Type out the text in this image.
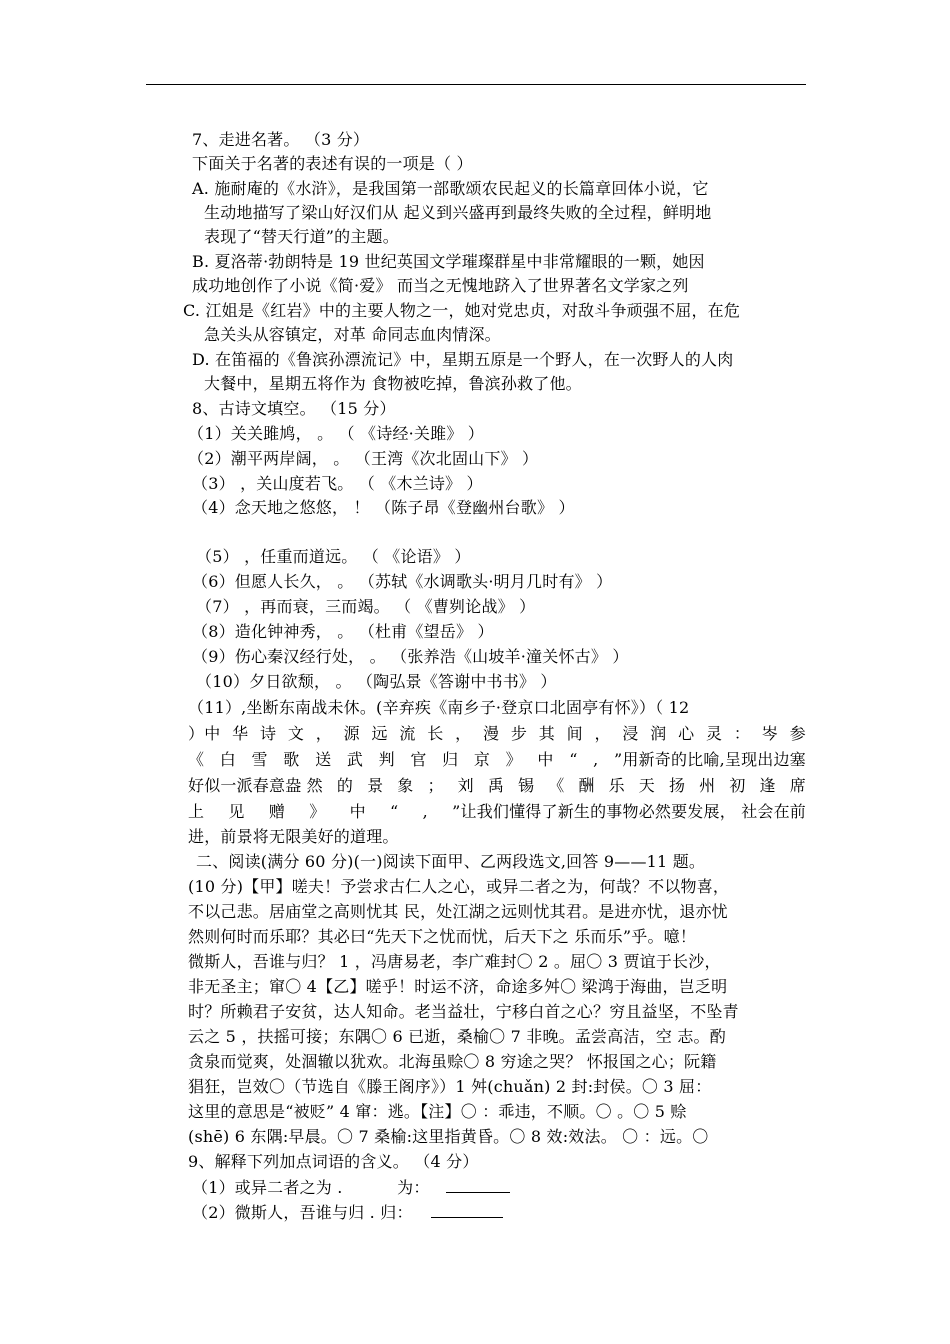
7、走进名著。 （3 分）
下面关于名著的表述有误的一项是（ ）
A. 施耐庵的《水浒》，是我国第一部歌颂农民起义的长篇章回体小说，它
生动地描写了梁山好汉们从 起义到兴盛再到最终失败的全过程，鲜明地
表现了“替天行道”的主题。
B. 夏洛蒂·勃朗特是 19 世纪英国文学璀璨群星中非常耀眼的一颗，她因
成功地创作了小说《简·爱》 而当之无愧地跻入了世界著名文学家之列
C. 江姐是《红岩》中的主要人物之一，她对党忠贞，对敌斗争顽强不屈，在危
急关头从容镇定，对革 命同志血肉情深。
D. 在笛福的《鲁滨孙漂流记》中，星期五原是一个野人，在一次野人的人肉
大餐中，星期五将作为 食物被吃掉，鲁滨孙救了他。
8、古诗文填空。 （15 分）
（1）关关雎鸠， 。 （ 《诗经·关雎》 ）
（2）潮平两岸阔， 。 （王湾《次北固山下》 ）
（3） ，关山度若飞。 （ 《木兰诗》 ）
（4）念天地之悠悠， ！ （陈子昂《登幽州台歌》 ）
（5） ，任重而道远。 （ 《论语》 ）
（6）但愿人长久， 。 （苏轼《水调歌头·明月几时有》 ）
（7） ，再而衰，三而竭。 （ 《曹刿论战》 ）
（8）造化钟神秀， 。 （杜甫《望岳》 ）
（9）伤心秦汉经行处， 。 （张养浩《山坡羊·潼关怀古》 ）
（10）夕日欲颓， 。 （陶弘景《答谢中书书》 ）
（11）,坐断东南战未休。(辛弃疾《南乡子·登京口北固亭有怀》）（ 12
）中 华 诗 文 ， 源 远 流 长 ， 漫 步 其 间 ， 浸 润 心 灵 ： 岑 参
《 白 雪 歌 送 武 判 官 归 京 》 中 “ , ”用新奇的比喻,呈现出边塞
好似一派春意盎 然 的 景 象 ； 刘 禹 锡 《 酬 乐 天 扬 州 初 逢 席
上 见 赠 》 中 “ , ”让我们懂得了新生的事物必然要发展， 社会在前
进，前景将无限美好的道理。
二、阅读(满分 60 分)(一)阅读下面甲、乙两段选文,回答 9——11 题。
(10 分)【甲】嗟夫！予尝求古仁人之心，或异二者之为，何哉？不以物喜，
不以己悲。居庙堂之高则忧其 民，处江湖之远则忧其君。是进亦忧，退亦忧
然则何时而乐耶？其必曰“先天下之忧而忧，后天下之 乐而乐”乎。噫！
微斯人，吾谁与归？ 1 ，冯唐易老，李广难封〇 2 。屈〇 3 贾谊于长沙，
非无圣主；窜〇 4【乙】嗟乎！时运不济，命途多舛〇 梁鸿于海曲，岂乏明
时？所赖君子安贫，达人知命。老当益壮，宁移白首之心？穷且益坚，不坠青
云之 5 ，扶摇可接；东隅〇 6 已逝，桑榆〇 7 非晚。孟尝高洁，空 志。酌
贪泉而觉爽，处涸辙以犹欢。北海虽赊〇 8 穷途之哭？ 怀报国之心；阮籍
猖狂，岂效〇（节选自《滕王阁序》）1 舛(chuǎn) 2 封:封侯。〇 3 屈：
这里的意思是“被贬” 4 窜：逃。【注】〇 ：乖违，不顺。〇 。〇 5 赊
(shē) 6 东隅:早晨。〇 7 桑榆:这里指黄昏。〇 8 效:效法。 〇 ：远。〇
9、解释下列加点词语的含义。 （4 分）
（1）或异二者之为 .	为：
（2）微斯人，吾谁与归 . 归：
